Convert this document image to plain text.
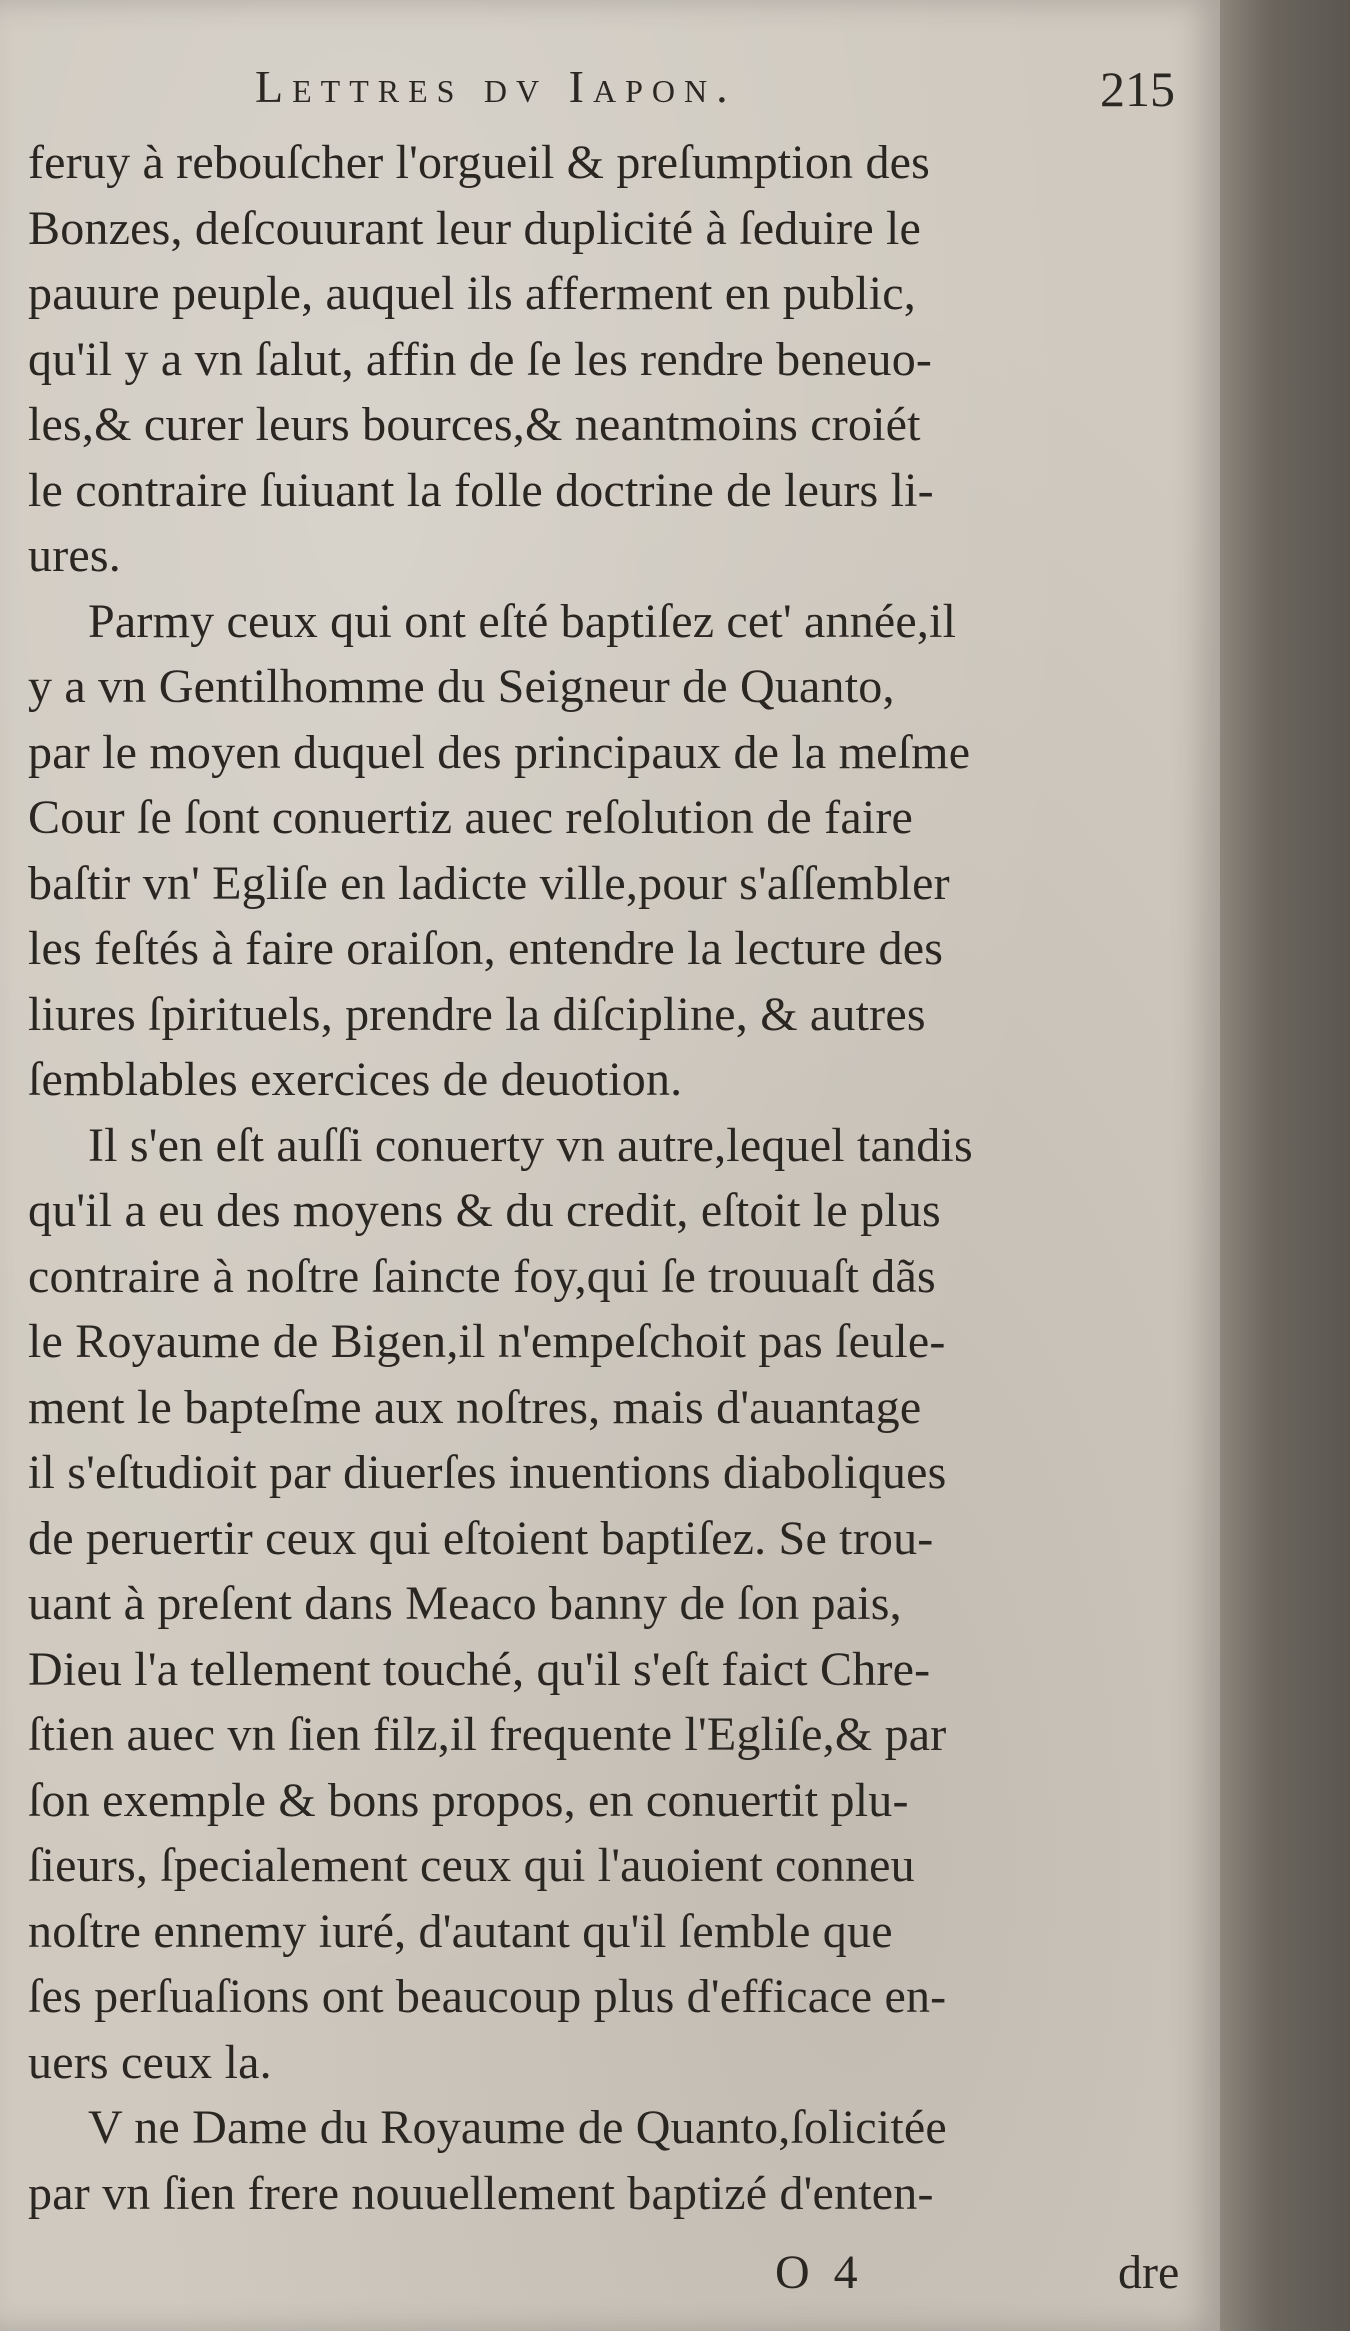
Lettres dv Iapon.	215
feruy à rebouſcher l'orgueil & preſumption des
Bonzes, deſcouurant leur duplicité à ſeduire le
pauure peuple, auquel ils afferment en public,
qu'il y a vn ſalut, affin de ſe les rendre beneuo-
les,& curer leurs bources,& neantmoins croiét
le contraire ſuiuant la folle doctrine de leurs li-
ures.
Parmy ceux qui ont eſté baptiſez cet' année,il
y a vn Gentilhomme du Seigneur de Quanto,
par le moyen duquel des principaux de la meſme
Cour ſe ſont conuertiz auec reſolution de faire
baſtir vn' Egliſe en ladicte ville,pour s'aſſembler
les feſtés à faire oraiſon, entendre la lecture des
liures ſpirituels, prendre la diſcipline, & autres
ſemblables exercices de deuotion.
Il s'en eſt auſſi conuerty vn autre,lequel tandis
qu'il a eu des moyens & du credit, eſtoit le plus
contraire à noſtre ſaincte foy,qui ſe trouuaſt dãs
le Royaume de Bigen,il n'empeſchoit pas ſeule-
ment le bapteſme aux noſtres, mais d'auantage
il s'eſtudioit par diuerſes inuentions diaboliques
de peruertir ceux qui eſtoient baptiſez. Se trou-
uant à preſent dans Meaco banny de ſon pais,
Dieu l'a tellement touché, qu'il s'eſt faict Chre-
ſtien auec vn ſien filz,il frequente l'Egliſe,& par
ſon exemple & bons propos, en conuertit plu-
ſieurs, ſpecialement ceux qui l'auoient conneu
noſtre ennemy iuré, d'autant qu'il ſemble que
ſes perſuaſions ont beaucoup plus d'efficace en-
uers ceux la.
V ne Dame du Royaume de Quanto,ſolicitée
par vn ſien frere nouuellement baptizé d'enten-
O 4	dre
